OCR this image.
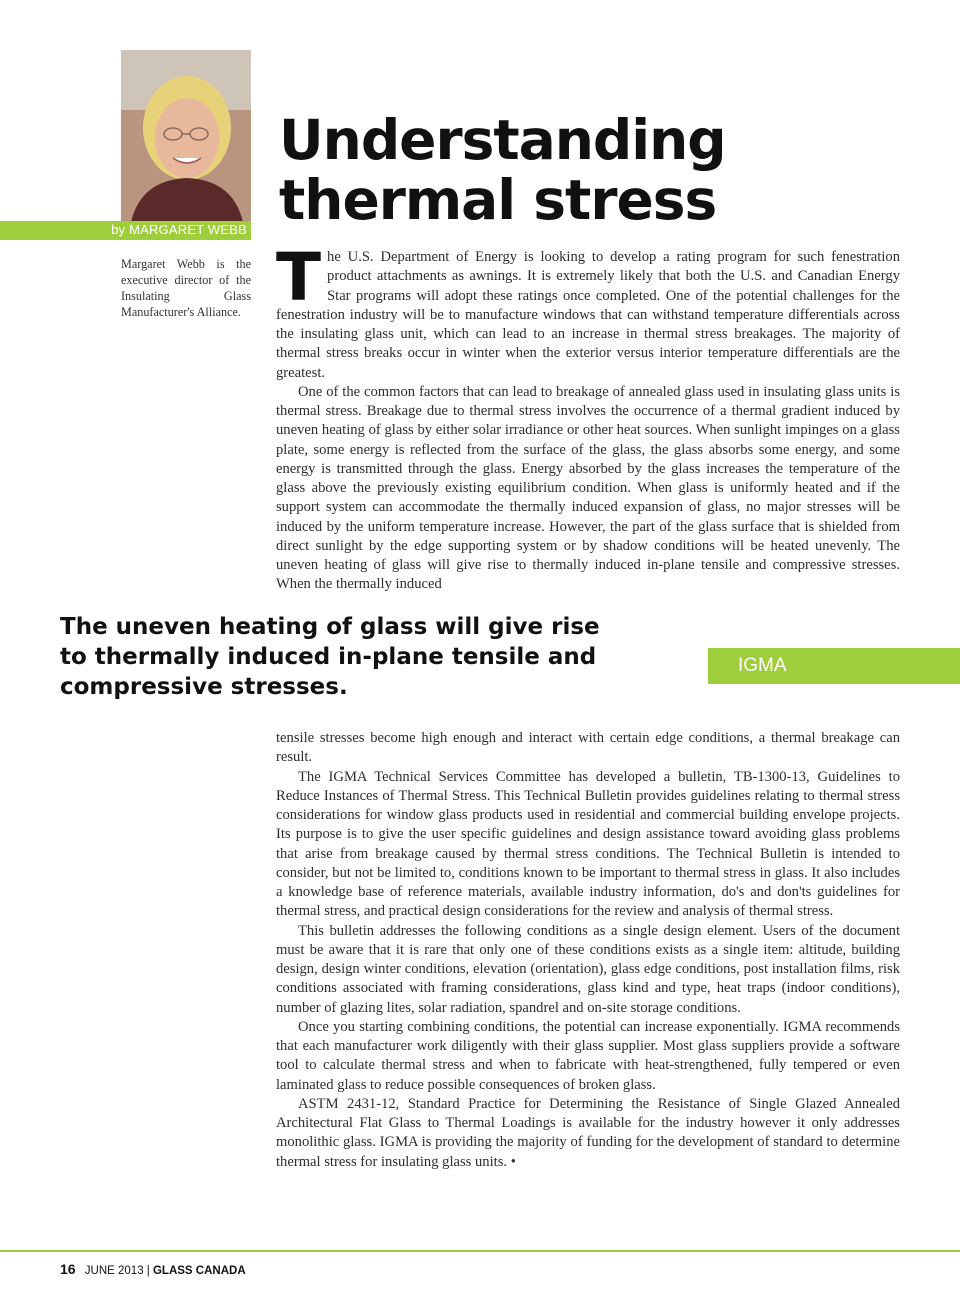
by MARGARET WEBB
Margaret Webb is the executive director of the Insulating Glass Manufacturer's Alliance.
Understanding
thermal stress

The U.S. Department of Energy is looking to develop a rating program for such fenestration product attachments as awnings. It is extremely likely that both the U.S. and Canadian Energy Star programs will adopt these ratings once completed. One of the potential challenges for the fenestration industry will be to manufacture windows that can withstand temperature differentials across the insulating glass unit, which can lead to an increase in thermal stress breakages. The majority of thermal stress breaks occur in winter when the exterior versus interior temperature differentials are the greatest.

One of the common factors that can lead to breakage of annealed glass used in insulating glass units is thermal stress. Breakage due to thermal stress involves the occurrence of a thermal gradient induced by uneven heating of glass by either solar irradiance or other heat sources. When sunlight impinges on a glass plate, some energy is reflected from the surface of the glass, the glass absorbs some energy, and some energy is transmitted through the glass. Energy absorbed by the glass increases the temperature of the glass above the previously existing equilibrium condition. When glass is uniformly heated and if the support system can accommodate the thermally induced expansion of glass, no major stresses will be induced by the uniform temperature increase. However, the part of the glass surface that is shielded from direct sunlight by the edge supporting system or by shadow conditions will be heated unevenly. The uneven heating of glass will give rise to thermally induced in-plane tensile and compressive stresses. When the thermally induced

The uneven heating of glass will give rise to thermally induced in-plane tensile and compressive stresses.

IGMA

tensile stresses become high enough and interact with certain edge conditions, a thermal breakage can result.

The IGMA Technical Services Committee has developed a bulletin, TB-1300-13, Guidelines to Reduce Instances of Thermal Stress. This Technical Bulletin provides guidelines relating to thermal stress considerations for window glass products used in residential and commercial building envelope projects. Its purpose is to give the user specific guidelines and design assistance toward avoiding glass problems that arise from breakage caused by thermal stress conditions. The Technical Bulletin is intended to consider, but not be limited to, conditions known to be important to thermal stress in glass. It also includes a knowledge base of reference materials, available industry information, do's and don'ts guidelines for thermal stress, and practical design considerations for the review and analysis of thermal stress.

This bulletin addresses the following conditions as a single design element. Users of the document must be aware that it is rare that only one of these conditions exists as a single item: altitude, building design, design winter conditions, elevation (orientation), glass edge conditions, post installation films, risk conditions associated with framing considerations, glass kind and type, heat traps (indoor conditions), number of glazing lites, solar radiation, spandrel and on-site storage conditions.

Once you starting combining conditions, the potential can increase exponentially. IGMA recommends that each manufacturer work diligently with their glass supplier. Most glass suppliers provide a software tool to calculate thermal stress and when to fabricate with heat-strengthened, fully tempered or even laminated glass to reduce possible consequences of broken glass.

ASTM 2431-12, Standard Practice for Determining the Resistance of Single Glazed Annealed Architectural Flat Glass to Thermal Loadings is available for the industry however it only addresses monolithic glass. IGMA is providing the majority of funding for the development of standard to determine thermal stress for insulating glass units. •

16 JUNE 2013 | GLASS CANADA
